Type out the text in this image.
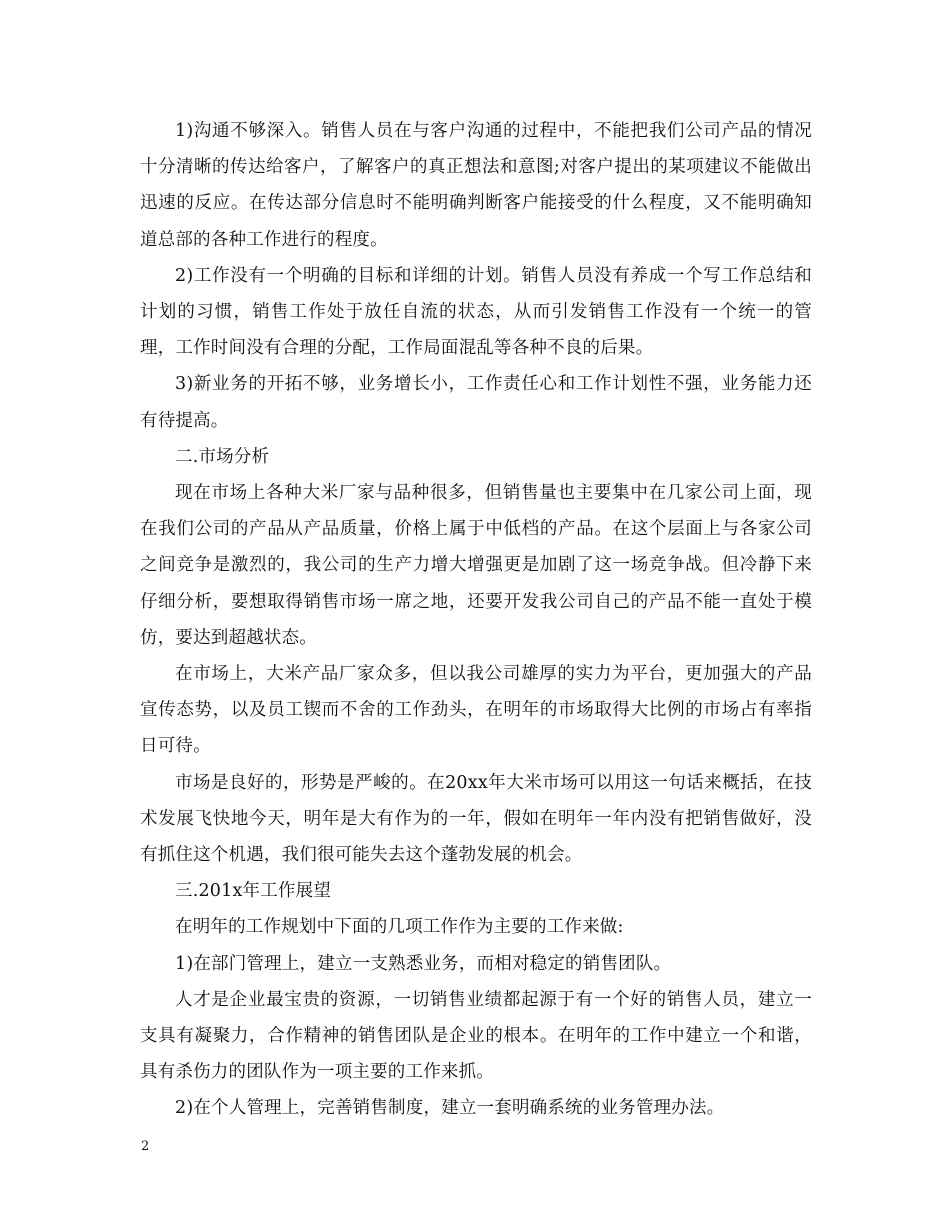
1)沟通不够深入。销售人员在与客户沟通的过程中，不能把我们公司产品的情况十分清晰的传达给客户，了解客户的真正想法和意图;对客户提出的某项建议不能做出迅速的反应。在传达部分信息时不能明确判断客户能接受的什么程度，又不能明确知道总部的各种工作进行的程度。

2)工作没有一个明确的目标和详细的计划。销售人员没有养成一个写工作总结和计划的习惯，销售工作处于放任自流的状态，从而引发销售工作没有一个统一的管理，工作时间没有合理的分配，工作局面混乱等各种不良的后果。

3)新业务的开拓不够，业务增长小，工作责任心和工作计划性不强，业务能力还有待提高。

二.市场分析

现在市场上各种大米厂家与品种很多，但销售量也主要集中在几家公司上面，现在我们公司的产品从产品质量，价格上属于中低档的产品。在这个层面上与各家公司之间竞争是激烈的，我公司的生产力增大增强更是加剧了这一场竞争战。但冷静下来仔细分析，要想取得销售市场一席之地，还要开发我公司自己的产品不能一直处于模仿，要达到超越状态。

在市场上，大米产品厂家众多，但以我公司雄厚的实力为平台，更加强大的产品宣传态势，以及员工锲而不舍的工作劲头，在明年的市场取得大比例的市场占有率指日可待。

市场是良好的，形势是严峻的。在20xx年大米市场可以用这一句话来概括，在技术发展飞快地今天，明年是大有作为的一年，假如在明年一年内没有把销售做好，没有抓住这个机遇，我们很可能失去这个蓬勃发展的机会。

三.201x年工作展望

在明年的工作规划中下面的几项工作作为主要的工作来做:

1)在部门管理上，建立一支熟悉业务，而相对稳定的销售团队。

人才是企业最宝贵的资源，一切销售业绩都起源于有一个好的销售人员，建立一支具有凝聚力，合作精神的销售团队是企业的根本。在明年的工作中建立一个和谐，具有杀伤力的团队作为一项主要的工作来抓。

2)在个人管理上，完善销售制度，建立一套明确系统的业务管理办法。

2
